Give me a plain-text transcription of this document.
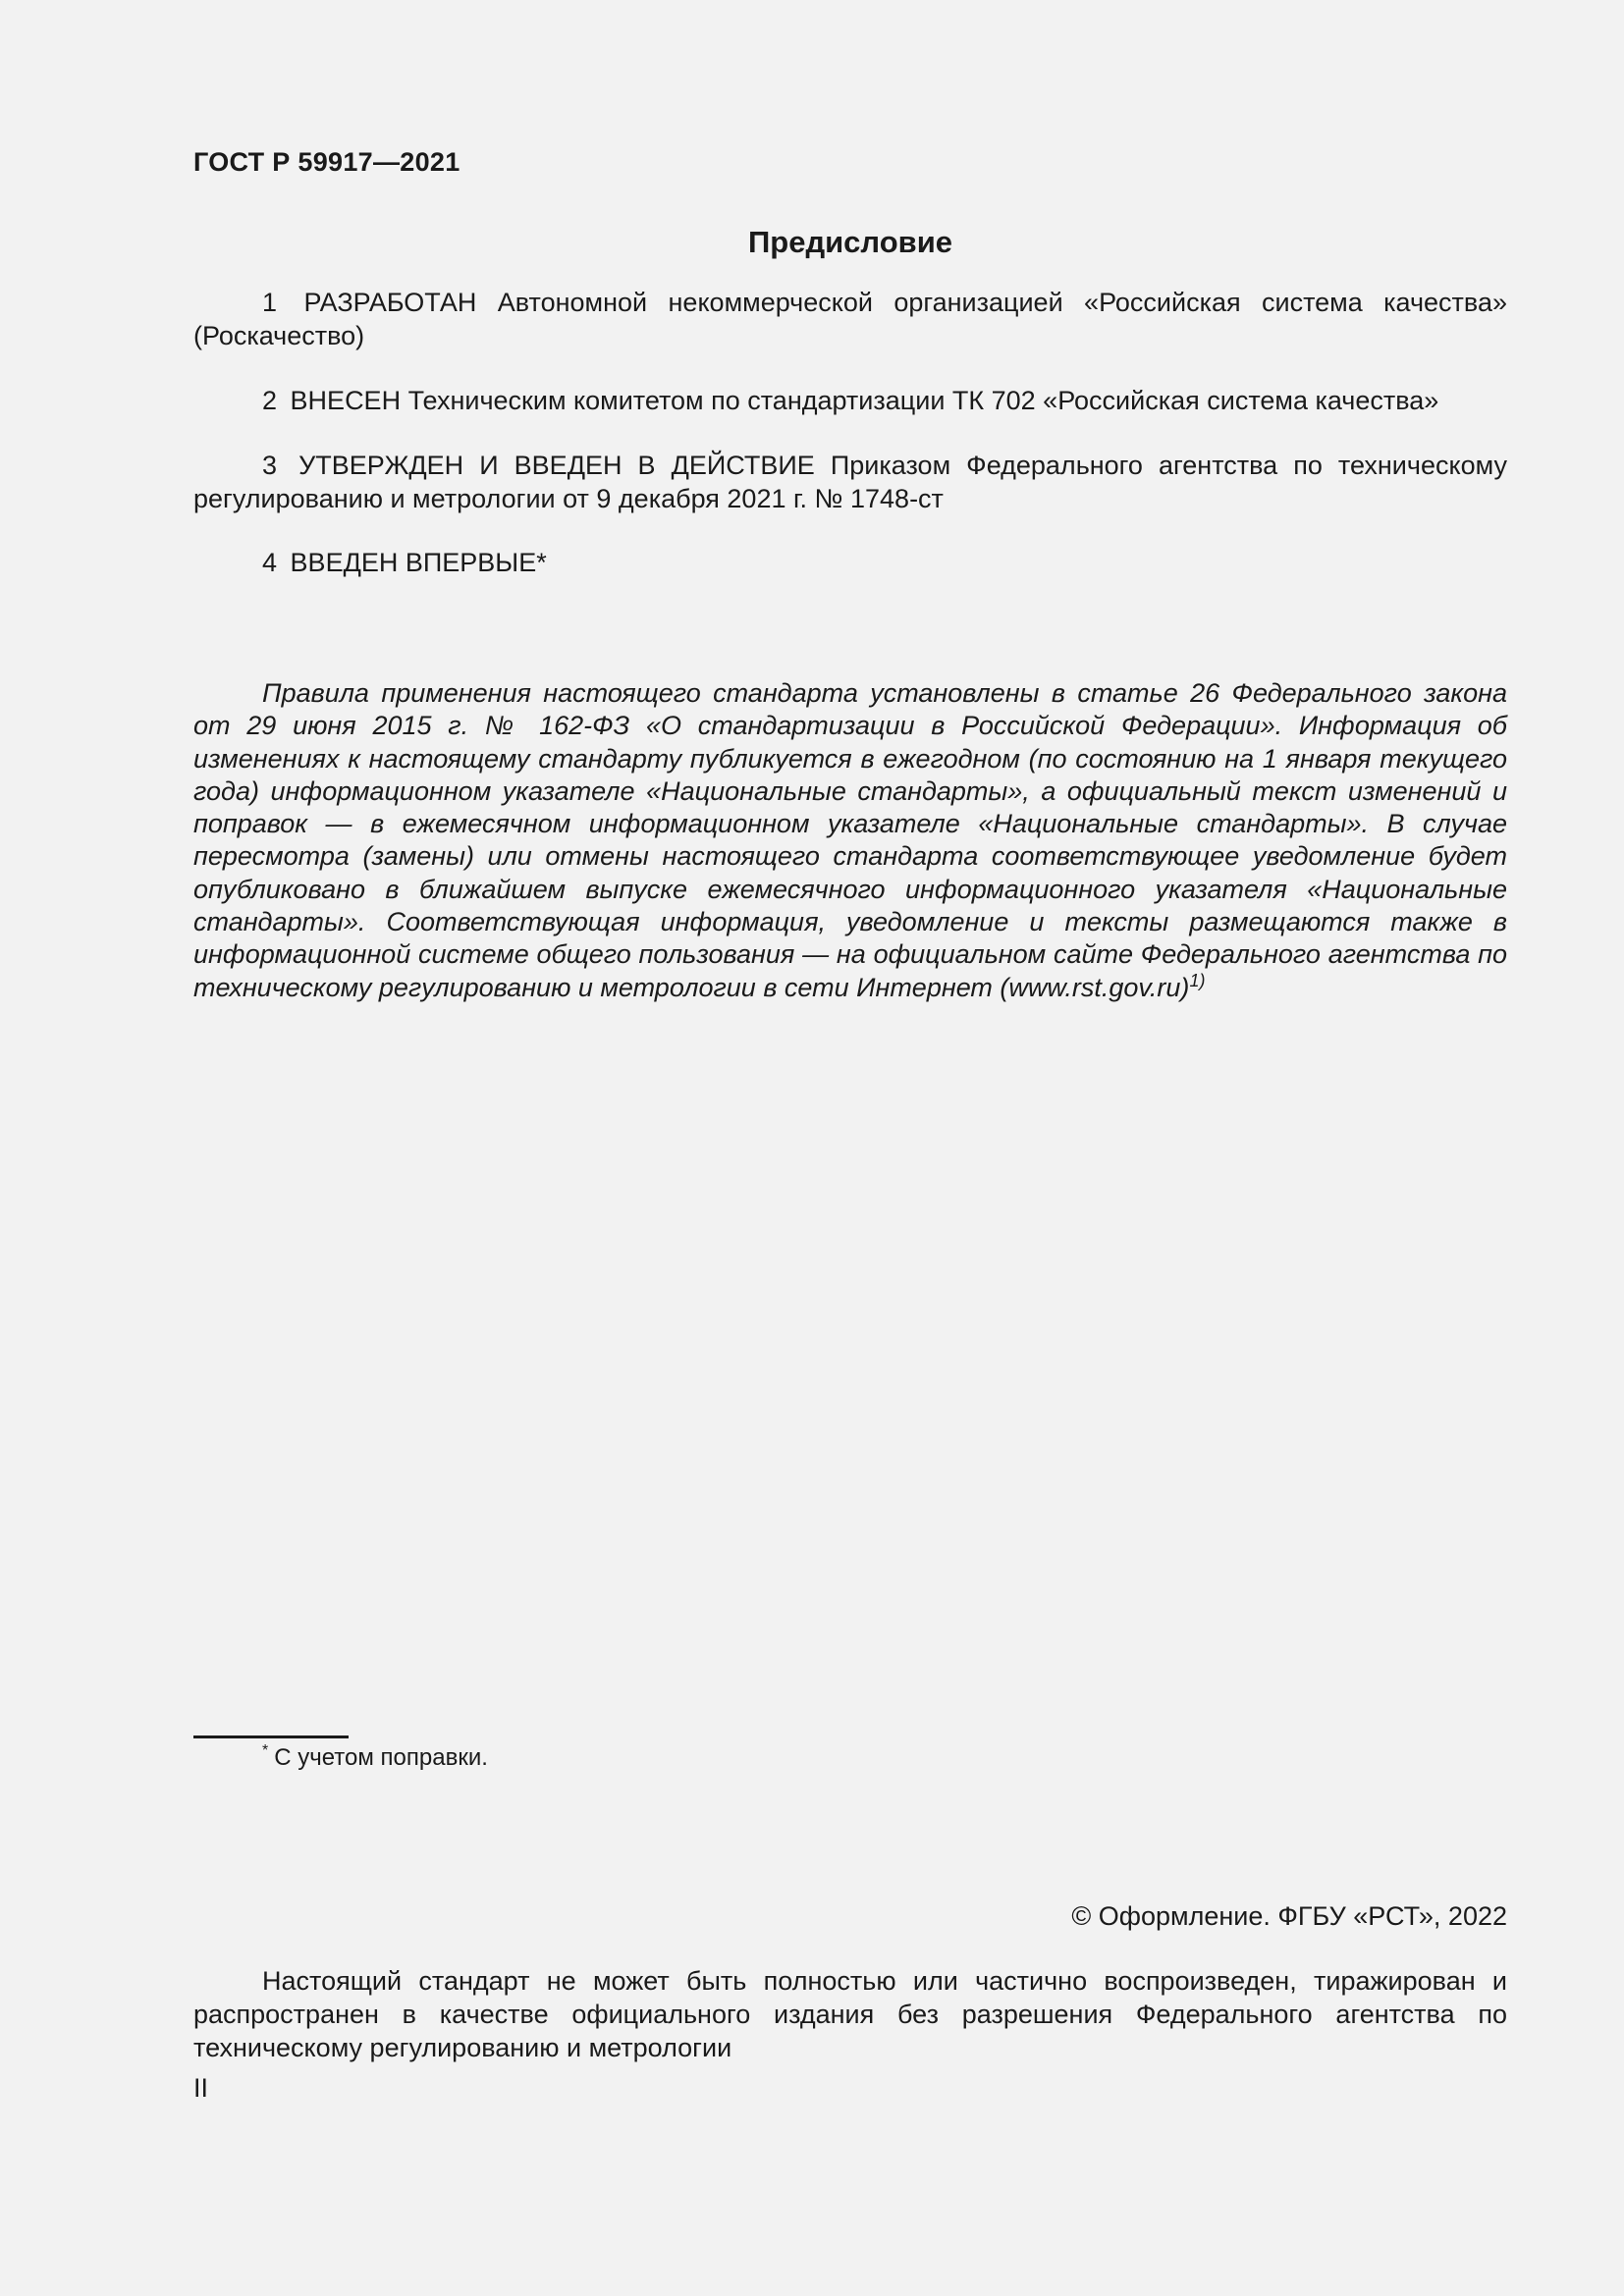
ГОСТ Р 59917—2021
Предисловие

1 РАЗРАБОТАН Автономной некоммерческой организацией «Российская система качества» (Роскачество)

2 ВНЕСЕН Техническим комитетом по стандартизации ТК 702 «Российская система качества»

3 УТВЕРЖДЕН И ВВЕДЕН В ДЕЙСТВИЕ Приказом Федерального агентства по техническому регулированию и метрологии от 9 декабря 2021 г. № 1748-ст

4 ВВЕДЕН ВПЕРВЫЕ*

Правила применения настоящего стандарта установлены в статье 26 Федерального закона от 29 июня 2015 г. № 162-ФЗ «О стандартизации в Российской Федерации». Информация об изменениях к настоящему стандарту публикуется в ежегодном (по состоянию на 1 января текущего года) информационном указателе «Национальные стандарты», а официальный текст изменений и поправок — в ежемесячном информационном указателе «Национальные стандарты». В случае пересмотра (замены) или отмены настоящего стандарта соответствующее уведомление будет опубликовано в ближайшем выпуске ежемесячного информационного указателя «Национальные стандарты». Соответствующая информация, уведомление и тексты размещаются также в информационной системе общего пользования — на официальном сайте Федерального агентства по техническому регулированию и метрологии в сети Интернет $(www.rst.gov.ru)^{1)}$

* С учетом поправки.
© Оформление. ФГБУ «РСТ», 2022

Настоящий стандарт не может быть полностью или частично воспроизведен, тиражирован и распространен в качестве официального издания без разрешения Федерального агентства по техническому регулированию и метрологии

II
